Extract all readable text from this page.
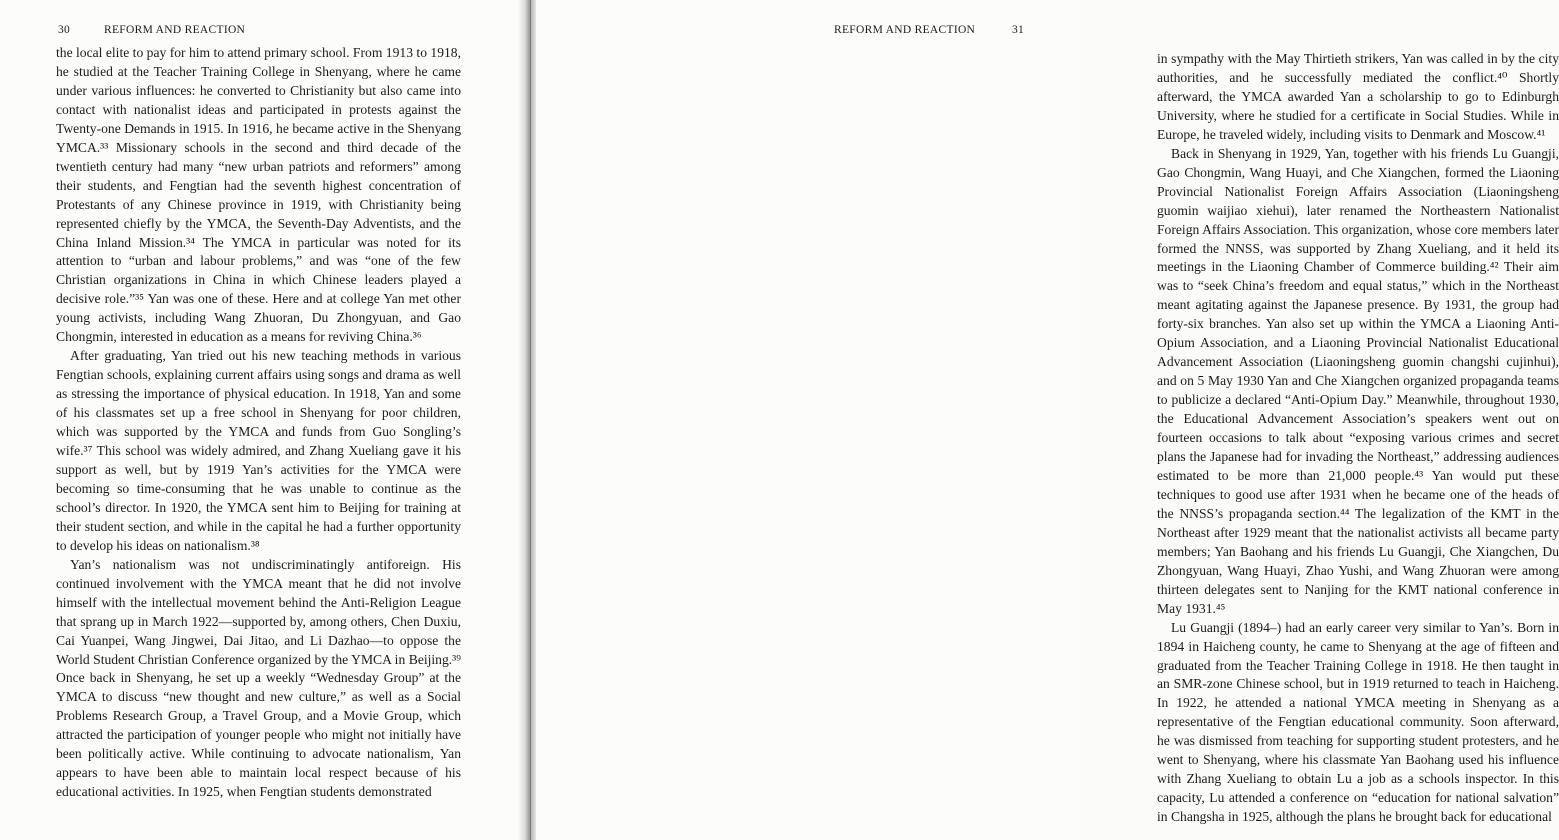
30	REFORM AND REACTION

the local elite to pay for him to attend primary school. From 1913 to 1918, he studied at the Teacher Training College in Shenyang, where he came under various influences: he converted to Christianity but also came into contact with nationalist ideas and participated in protests against the Twenty-one Demands in 1915. In 1916, he became active in the Shenyang YMCA.³³ Missionary schools in the second and third decade of the twentieth century had many “new urban patriots and reformers” among their students, and Fengtian had the seventh highest concentration of Protestants of any Chinese province in 1919, with Christianity being represented chiefly by the YMCA, the Seventh-Day Adventists, and the China Inland Mission.³⁴ The YMCA in particular was noted for its attention to “urban and labour problems,” and was “one of the few Christian organizations in China in which Chinese leaders played a decisive role.”³⁵ Yan was one of these. Here and at college Yan met other young activists, including Wang Zhuoran, Du Zhongyuan, and Gao Chongmin, interested in education as a means for reviving China.³⁶

After graduating, Yan tried out his new teaching methods in various Fengtian schools, explaining current affairs using songs and drama as well as stressing the importance of physical education. In 1918, Yan and some of his classmates set up a free school in Shenyang for poor children, which was supported by the YMCA and funds from Guo Songling’s wife.³⁷ This school was widely admired, and Zhang Xueliang gave it his support as well, but by 1919 Yan’s activities for the YMCA were becoming so time-consuming that he was unable to continue as the school’s director. In 1920, the YMCA sent him to Beijing for training at their student section, and while in the capital he had a further opportunity to develop his ideas on nationalism.³⁸

Yan’s nationalism was not undiscriminatingly antiforeign. His continued involvement with the YMCA meant that he did not involve himself with the intellectual movement behind the Anti-Religion League that sprang up in March 1922—supported by, among others, Chen Duxiu, Cai Yuanpei, Wang Jingwei, Dai Jitao, and Li Dazhao—to oppose the World Student Christian Conference organized by the YMCA in Beijing.³⁹ Once back in Shenyang, he set up a weekly “Wednesday Group” at the YMCA to discuss “new thought and new culture,” as well as a Social Problems Research Group, a Travel Group, and a Movie Group, which attracted the participation of younger people who might not initially have been politically active. While continuing to advocate nationalism, Yan appears to have been able to maintain local respect because of his educational activities. In 1925, when Fengtian students demonstrated

in sympathy with the May Thirtieth strikers, Yan was called in by the city authorities, and he successfully mediated the conflict.⁴⁰ Shortly afterward, the YMCA awarded Yan a scholarship to go to Edinburgh University, where he studied for a certificate in Social Studies. While in Europe, he traveled widely, including visits to Denmark and Moscow.⁴¹

Back in Shenyang in 1929, Yan, together with his friends Lu Guangji, Gao Chongmin, Wang Huayi, and Che Xiangchen, formed the Liaoning Provincial Nationalist Foreign Affairs Association (Liaoningsheng guomin waijiao xiehui), later renamed the Northeastern Nationalist Foreign Affairs Association. This organization, whose core members later formed the NNSS, was supported by Zhang Xueliang, and it held its meetings in the Liaoning Chamber of Commerce building.⁴² Their aim was to “seek China’s freedom and equal status,” which in the Northeast meant agitating against the Japanese presence. By 1931, the group had forty-six branches. Yan also set up within the YMCA a Liaoning Anti-Opium Association, and a Liaoning Provincial Nationalist Educational Advancement Association (Liaoningsheng guomin changshi cujinhui), and on 5 May 1930 Yan and Che Xiangchen organized propaganda teams to publicize a declared “Anti-Opium Day.” Meanwhile, throughout 1930, the Educational Advancement Association’s speakers went out on fourteen occasions to talk about “exposing various crimes and secret plans the Japanese had for invading the Northeast,” addressing audiences estimated to be more than 21,000 people.⁴³ Yan would put these techniques to good use after 1931 when he became one of the heads of the NNSS’s propaganda section.⁴⁴ The legalization of the KMT in the Northeast after 1929 meant that the nationalist activists all became party members; Yan Baohang and his friends Lu Guangji, Che Xiangchen, Du Zhongyuan, Wang Huayi, Zhao Yushi, and Wang Zhuoran were among thirteen delegates sent to Nanjing for the KMT national conference in May 1931.⁴⁵

Lu Guangji (1894–) had an early career very similar to Yan’s. Born in 1894 in Haicheng county, he came to Shenyang at the age of fifteen and graduated from the Teacher Training College in 1918. He then taught in an SMR-zone Chinese school, but in 1919 returned to teach in Haicheng. In 1922, he attended a national YMCA meeting in Shenyang as a representative of the Fengtian educational community. Soon afterward, he was dismissed from teaching for supporting student protesters, and he went to Shenyang, where his classmate Yan Baohang used his influence with Zhang Xueliang to obtain Lu a job as a schools inspector. In this capacity, Lu attended a conference on “education for national salvation” in Changsha in 1925, although the plans he brought back for educational

REFORM AND REACTION	31
